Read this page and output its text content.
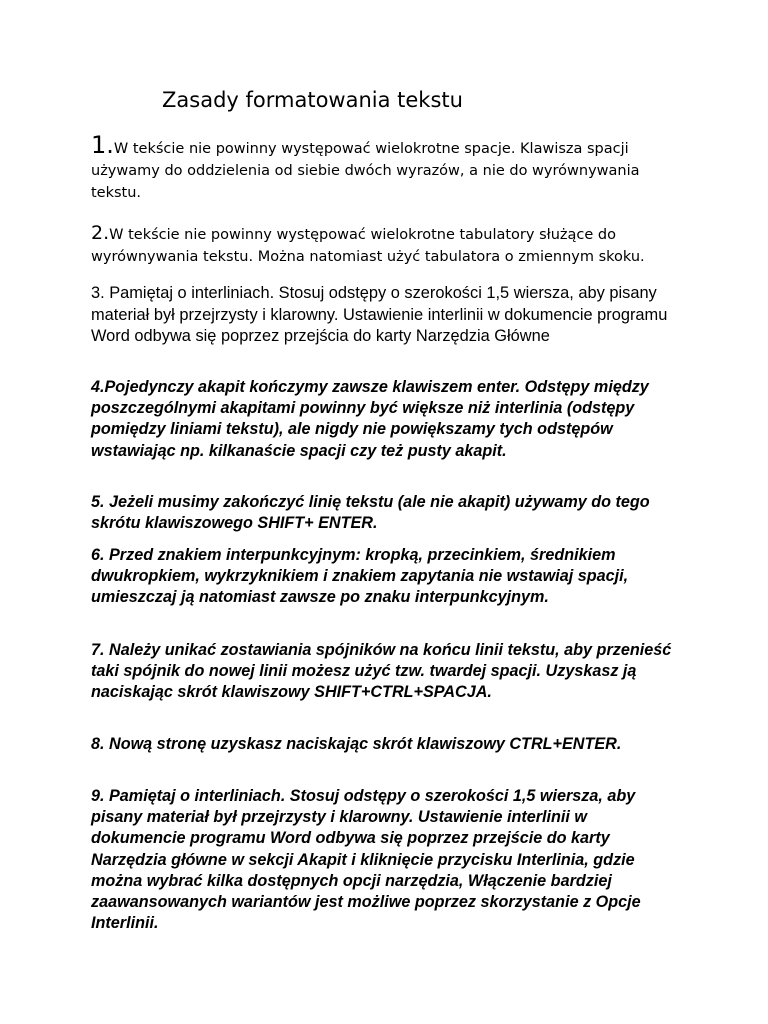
Zasady formatowania tekstu

1.W tekście nie powinny występować wielokrotne spacje. Klawisza spacji używamy do oddzielenia od siebie dwóch wyrazów, a nie do wyrównywania tekstu.

2.W tekście nie powinny występować wielokrotne tabulatory służące do wyrównywania tekstu. Można natomiast użyć tabulatora o zmiennym skoku.

3. Pamiętaj o interliniach. Stosuj odstępy o szerokości 1,5 wiersza, aby pisany materiał był przejrzysty i klarowny. Ustawienie interlinii w dokumencie programu Word odbywa się poprzez przejścia do karty Narzędzia Główne

4.Pojedynczy akapit kończymy zawsze klawiszem enter. Odstępy między poszczególnymi akapitami powinny być większe niż interlinia (odstępy pomiędzy liniami tekstu), ale nigdy nie powiększamy tych odstępów wstawiając np. kilkanaście spacji czy też pusty akapit.

5. Jeżeli musimy zakończyć linię tekstu (ale nie akapit) używamy do tego skrótu klawiszowego SHIFT+ ENTER.

6. Przed znakiem interpunkcyjnym: kropką, przecinkiem, średnikiem dwukropkiem, wykrzyknikiem i znakiem zapytania nie wstawiaj spacji, umieszczaj ją natomiast zawsze po znaku interpunkcyjnym.

7. Należy unikać zostawiania spójników na końcu linii tekstu, aby przenieść taki spójnik do nowej linii możesz użyć tzw. twardej spacji. Uzyskasz ją naciskając skrót klawiszowy SHIFT+CTRL+SPACJA.

8. Nową stronę uzyskasz naciskając skrót klawiszowy CTRL+ENTER.

9. Pamiętaj o interliniach. Stosuj odstępy o szerokości 1,5 wiersza, aby pisany materiał był przejrzysty i klarowny. Ustawienie interlinii w dokumencie programu Word odbywa się poprzez przejście do karty Narzędzia główne w sekcji Akapit i kliknięcie przycisku Interlinia, gdzie można wybrać kilka dostępnych opcji narzędzia, Włączenie bardziej zaawansowanych wariantów jest możliwe poprzez skorzystanie z Opcje Interlinii.
